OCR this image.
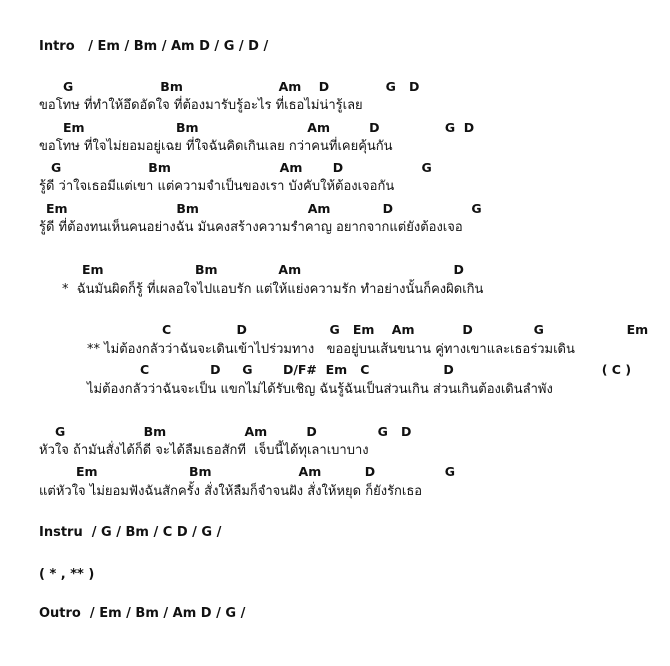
Intro   / Em / Bm / Am D / G / D /
G                    Bm                      Am    D             G   D
ขอโทษ ที่ทำให้อึดอัดใจ ที่ต้องมารับรู้อะไร ที่เธอไม่น่ารู้เลย
Em                     Bm                         Am         D               G  D
ขอโทษ ที่ใจไม่ยอมอยู่เฉย ที่ใจฉันคิดเกินเลย กว่าคนที่เคยคุ้นกัน
G                    Bm                         Am       D                  G
รู้ดี ว่าใจเธอมีแต่เขา แต่ความจำเป็นของเรา บังคับให้ต้องเจอกัน
Em                         Bm                         Am            D                  G
รู้ดี ที่ต้องทนเห็นคนอย่างฉัน มันคงสร้างความรำคาญ อยากจากแต่ยังต้องเจอ
Em                     Bm              Am                                   D
*  ฉันมันผิดก็รู้ ที่เผลอใจไปแอบรัก แต่ให้แย่งความรัก ทำอย่างนั้นก็คงผิดเกิน
C               D                   G   Em    Am           D              G                   Em
** ไม่ต้องกลัวว่าฉันจะเดินเข้าไปร่วมทาง   ขออยู่บนเส้นขนาน คู่ทางเขาและเธอร่วมเดิน
C              D     G       D/F#  Em   C                 D                                  ( C )
ไม่ต้องกลัวว่าฉันจะเป็น แขกไม่ได้รับเชิญ ฉันรู้ฉันเป็นส่วนเกิน ส่วนเกินต้องเดินลำพัง
G                  Bm                  Am         D              G   D
หัวใจ ถ้ามันสั่งได้ก็ดี จะได้ลืมเธอสักที  เจ็บนี้ได้ทุเลาเบาบาง
Em                     Bm                    Am          D                G
แต่หัวใจ ไม่ยอมฟังฉันสักครั้ง สั่งให้ลืมก็จำจนฝัง สั่งให้หยุด ก็ยังรักเธอ
Instru  / G / Bm / C D / G /
( * , ** )
Outro  / Em / Bm / Am D / G /
